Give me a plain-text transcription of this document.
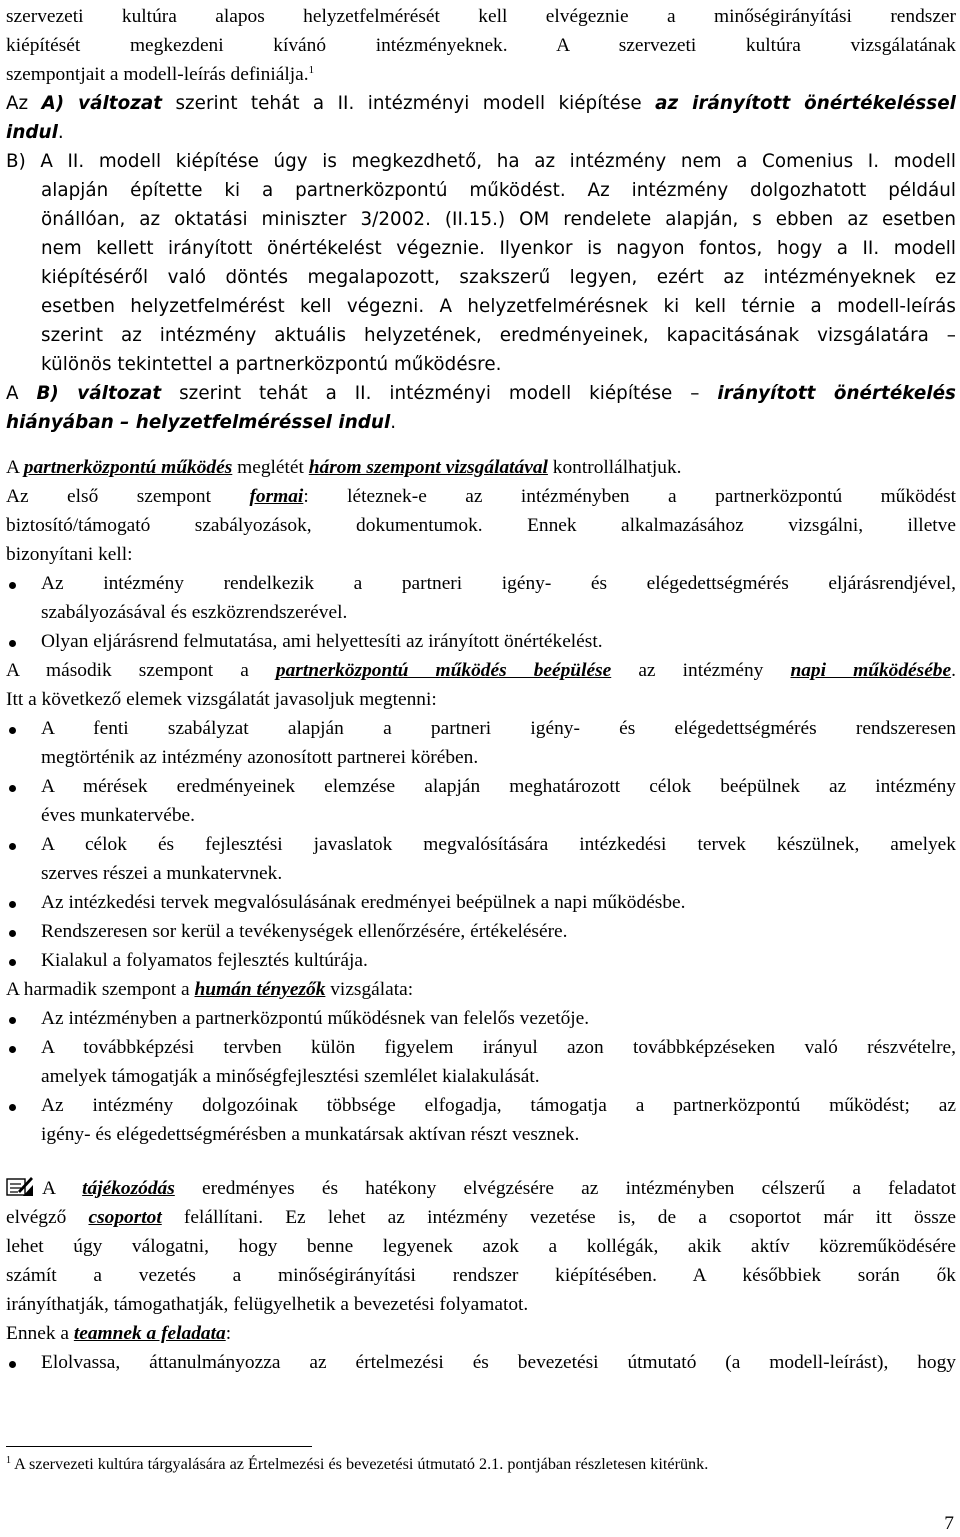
szervezeti kultúra alapos helyzetfelmérését kell elvégeznie a minőségirányítási rendszer

kiépítését megkezdeni kívánó intézményeknek. A szervezeti kultúra vizsgálatának

szempontjait a modell-leírás definiálja.$^1$

Az A) változat szerint tehát a II. intézményi modell kiépítése az irányított önértékeléssel

indul.

B) A II. modell kiépítése úgy is megkezdhető, ha az intézmény nem a Comenius I. modell

alapján építette ki a partnerközpontú működést. Az intézmény dolgozhatott például

önállóan, az oktatási miniszter 3/2002. (II.15.) OM rendelete alapján, s ebben az esetben

nem kellett irányított önértékelést végeznie. Ilyenkor is nagyon fontos, hogy a II. modell

kiépítéséről való döntés megalapozott, szakszerű legyen, ezért az intézményeknek ez

esetben helyzetfelmérést kell végezni. A helyzetfelmérésnek ki kell térnie a modell-leírás

szerint az intézmény aktuális helyzetének, eredményeinek, kapacitásának vizsgálatára –

különös tekintettel a partnerközpontú működésre.

A B) változat szerint tehát a II. intézményi modell kiépítése – irányított önértékelés

hiányában – helyzetfelméréssel indul.

A partnerközpontú működés meglétét három szempont vizsgálatával kontrollálhatjuk.

Az első szempont formai: léteznek-e az intézményben a partnerközpontú működést

biztosító/támogató szabályozások, dokumentumok. Ennek alkalmazásához vizsgálni, illetve

bizonyítani kell:

Az intézmény rendelkezik a partneri igény- és elégedettségmérés eljárásrendjével,

szabályozásával és eszközrendszerével.

Olyan eljárásrend felmutatása, ami helyettesíti az irányított önértékelést.

A második szempont a partnerközpontú működés beépülése az intézmény napi működésébe.

Itt a következő elemek vizsgálatát javasoljuk megtenni:

A fenti szabályzat alapján a partneri igény- és elégedettségmérés rendszeresen

megtörténik az intézmény azonosított partnerei körében.

A mérések eredményeinek elemzése alapján meghatározott célok beépülnek az intézmény

éves munkatervébe.

A célok és fejlesztési javaslatok megvalósítására intézkedési tervek készülnek, amelyek

szerves részei a munkatervnek.

Az intézkedési tervek megvalósulásának eredményei beépülnek a napi működésbe.

Rendszeresen sor kerül a tevékenységek ellenőrzésére, értékelésére.

Kialakul a folyamatos fejlesztés kultúrája.

A harmadik szempont a humán tényezők vizsgálata:

Az intézményben a partnerközpontú működésnek van felelős vezetője.

A továbbképzési tervben külön figyelem irányul azon továbbképzéseken való részvételre,

amelyek támogatják a minőségfejlesztési szemlélet kialakulását.

Az intézmény dolgozóinak többsége elfogadja, támogatja a partnerközpontú működést; az

igény- és elégedettségmérésben a munkatársak aktívan részt vesznek.

A tájékozódás eredményes és hatékony elvégzésére az intézményben célszerű a feladatot

elvégző csoportot felállítani. Ez lehet az intézmény vezetése is, de a csoportot már itt össze

lehet úgy válogatni, hogy benne legyenek azok a kollégák, akik aktív közreműködésére

számít a vezetés a minőségirányítási rendszer kiépítésében. A későbbiek során ők

irányíthatják, támogathatják, felügyelhetik a bevezetési folyamatot.

Ennek a teamnek a feladata:

Elolvassa, áttanulmányozza az értelmezési és bevezetési útmutató (a modell-leírást), hogy

$^1$ A szervezeti kultúra tárgyalására az Értelmezési és bevezetési útmutató 2.1. pontjában részletesen kitérünk.
7
